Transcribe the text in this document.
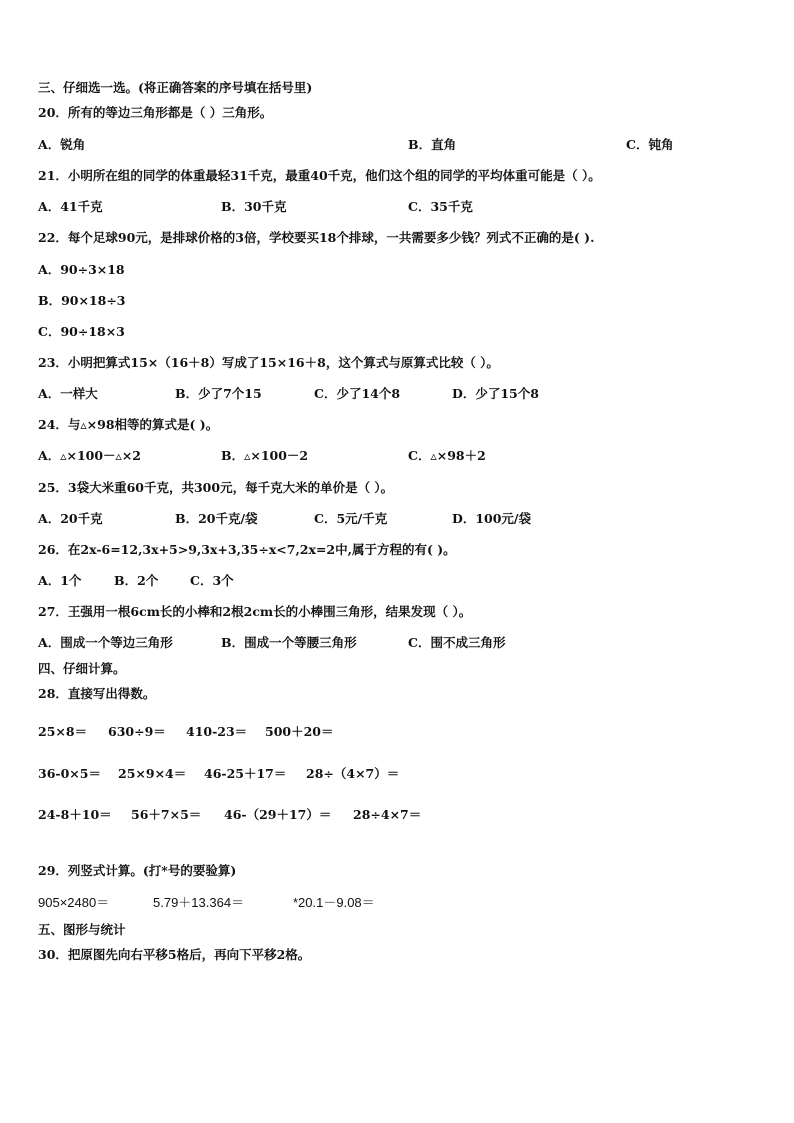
三、仔细选一选。(将正确答案的序号填在括号里)
20．所有的等边三角形都是（ ）三角形。
A．锐角	B．直角	C．钝角
21．小明所在组的同学的体重最轻31千克，最重40千克，他们这个组的同学的平均体重可能是（ ）。
A．41千克	B．30千克	C．35千克
22．每个足球90元，是排球价格的3倍，学校要买18个排球，一共需要多少钱？列式不正确的是( ).
A．90÷3×18
B．90×18÷3
C．90÷18×3
23．小明把算式15×（16＋8）写成了15×16＋8，这个算式与原算式比较（ ）。
A．一样大	B．少了7个15	C．少了14个8	D．少了15个8
24．与▵×98相等的算式是( )。
A．▵×100－▵×2	B．▵×100－2	C．▵×98＋2
25．3袋大米重60千克，共300元，每千克大米的单价是（ ）。
A．20千克	B．20千克/袋	C．5元/千克	D．100元/袋
26．在2x-6=12,3x+5>9,3x+3,35÷x<7,2x=2中,属于方程的有( )。
A．1个	B．2个	C．3个
27．王强用一根6cm长的小棒和2根2cm长的小棒围三角形，结果发现（ ）。
A．围成一个等边三角形	B．围成一个等腰三角形	C．围不成三角形
四、仔细计算。
28．直接写出得数。
25×8＝ 630÷9＝ 410-23＝ 500＋20＝
36-0×5＝ 25×9×4＝ 46-25＋17＝ 28÷（4×7）＝
24-8＋10＝ 56＋7×5＝ 46-（29＋17）＝ 28÷4×7＝
29．列竖式计算。(打*号的要验算)
905×2480＝	5.79＋13.364＝	*20.1－9.08＝
五、图形与统计
30．把原图先向右平移5格后，再向下平移2格。
